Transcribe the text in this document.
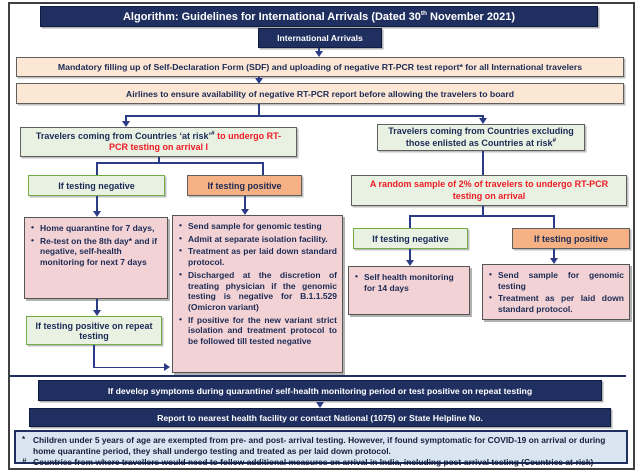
Algorithm: Guidelines for International Arrivals (Dated 30th November 2021)
International Arrivals
Mandatory filling up of Self-Declaration Form (SDF) and uploading of negative RT-PCR test report* for all International travelers
Airlines to ensure availability of negative RT-PCR report before allowing the travelers to board
Travelers coming from Countries ‘at risk’# to undergo RT-PCR testing on arrival I
Travelers coming from Countries excluding those enlisted as Countries at risk#
If testing negative	If testing positive
• Home quarantine for 7 days,
• Re-test on the 8th day* and if negative, self-health monitoring for next 7 days
If testing positive on repeat testing
• Send sample for genomic testing
• Admit at separate isolation facility.
• Treatment as per laid down standard protocol.
• Discharged at the discretion of treating physician if the genomic testing is negative for B.1.1.529 (Omicron variant)
• If positive for the new variant strict isolation and treatment protocol to be followed till tested negative
A random sample of 2% of travelers to undergo RT-PCR testing on arrival
If testing negative	If testing positive
• Self health monitoring for 14 days
• Send sample for genomic testing
• Treatment as per laid down standard protocol.
If develop symptoms during quarantine/ self-health monitoring period or test positive on repeat testing
Report to nearest health facility or contact National (1075) or State Helpline No.
* Children under 5 years of age are exempted from pre- and post- arrival testing. However, if found symptomatic for COVID-19 on arrival or during home quarantine period, they shall undergo testing and treated as per laid down protocol.
# Countries from where travellers would need to follow additional measures on arrival in India, including post-arrival testing (Countries at-risk)
